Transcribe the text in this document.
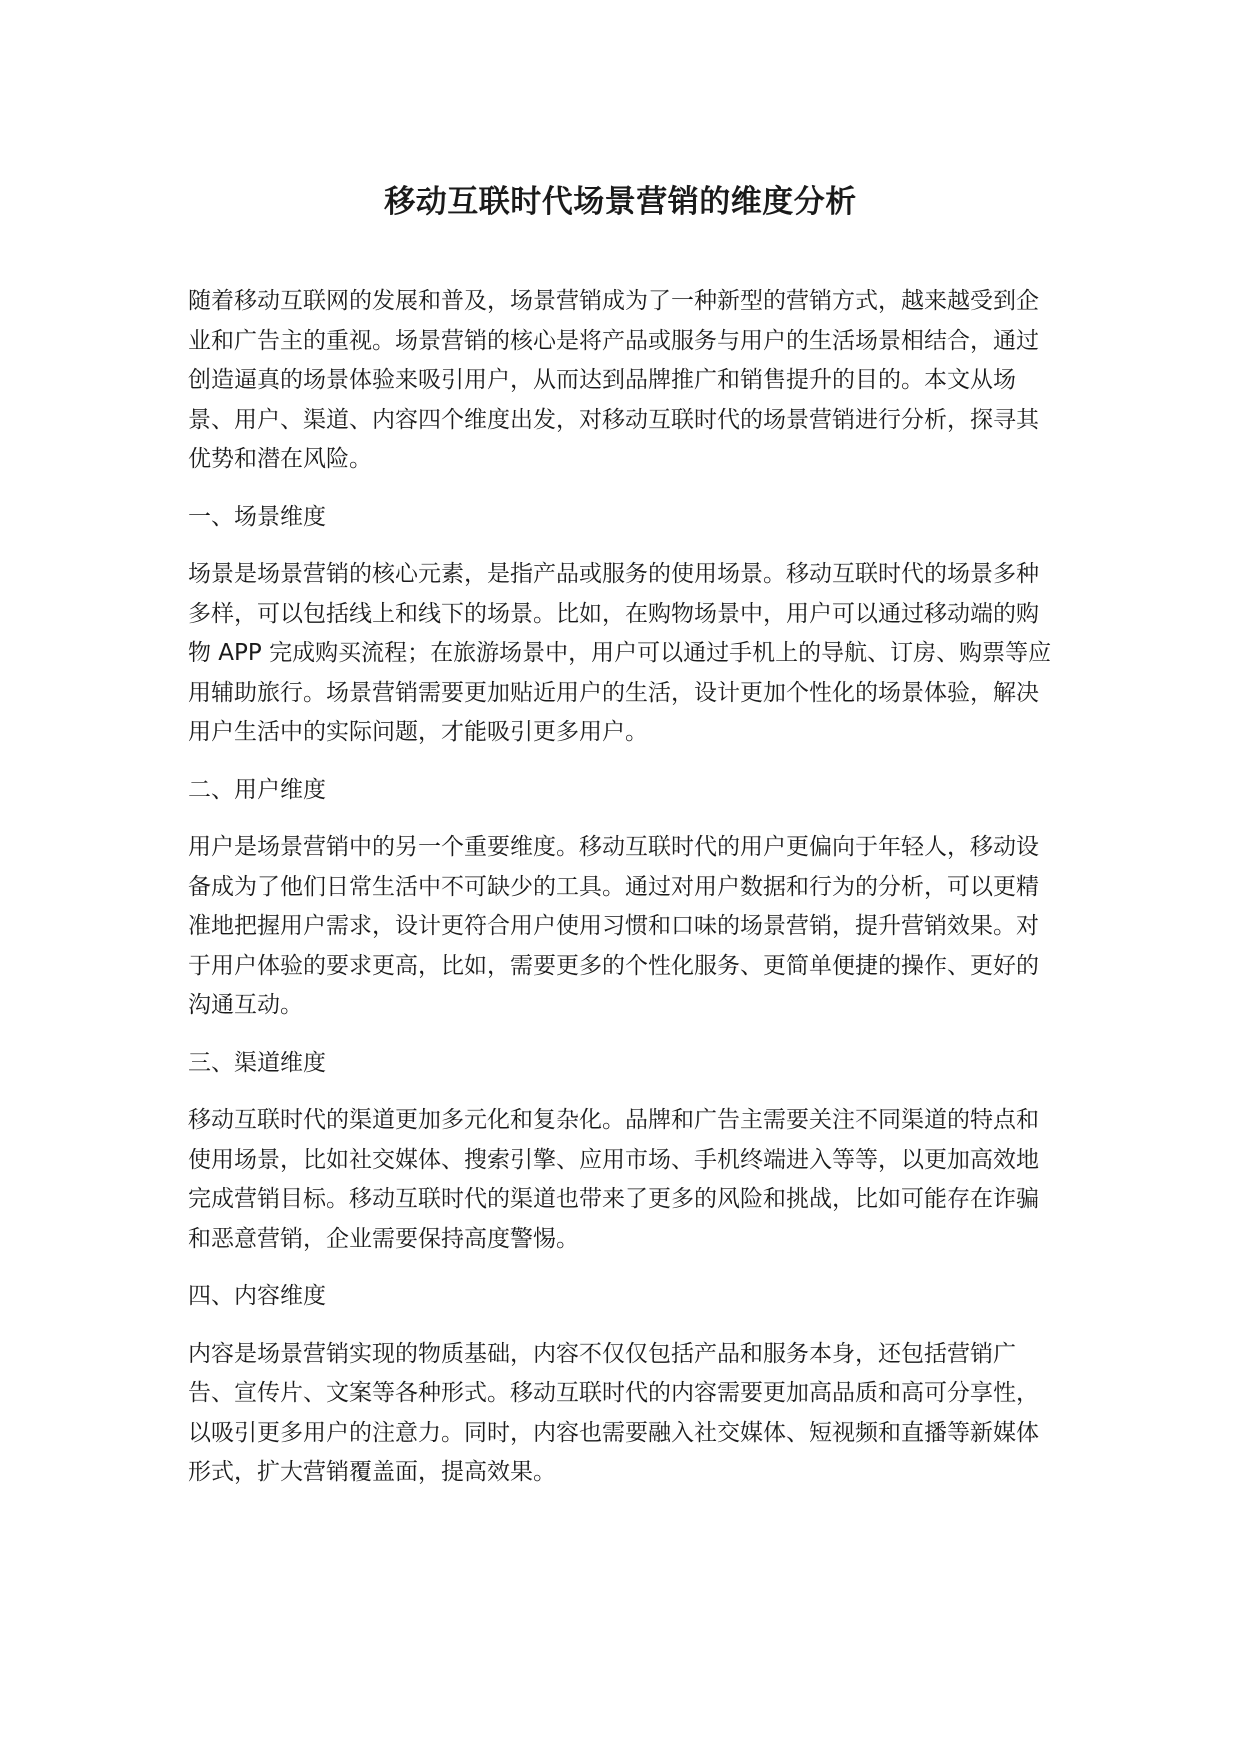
移动互联时代场景营销的维度分析

随着移动互联网的发展和普及，场景营销成为了一种新型的营销方式，越来越受到企业和广告主的重视。场景营销的核心是将产品或服务与用户的生活场景相结合，通过创造逼真的场景体验来吸引用户，从而达到品牌推广和销售提升的目的。本文从场景、用户、渠道、内容四个维度出发，对移动互联时代的场景营销进行分析，探寻其优势和潜在风险。

一、场景维度

场景是场景营销的核心元素，是指产品或服务的使用场景。移动互联时代的场景多种多样，可以包括线上和线下的场景。比如，在购物场景中，用户可以通过移动端的购物 APP 完成购买流程；在旅游场景中，用户可以通过手机上的导航、订房、购票等应用辅助旅行。场景营销需要更加贴近用户的生活，设计更加个性化的场景体验，解决用户生活中的实际问题，才能吸引更多用户。

二、用户维度

用户是场景营销中的另一个重要维度。移动互联时代的用户更偏向于年轻人，移动设备成为了他们日常生活中不可缺少的工具。通过对用户数据和行为的分析，可以更精准地把握用户需求，设计更符合用户使用习惯和口味的场景营销，提升营销效果。对于用户体验的要求更高，比如，需要更多的个性化服务、更简单便捷的操作、更好的沟通互动。

三、渠道维度

移动互联时代的渠道更加多元化和复杂化。品牌和广告主需要关注不同渠道的特点和使用场景，比如社交媒体、搜索引擎、应用市场、手机终端进入等等，以更加高效地完成营销目标。移动互联时代的渠道也带来了更多的风险和挑战，比如可能存在诈骗和恶意营销，企业需要保持高度警惕。

四、内容维度

内容是场景营销实现的物质基础，内容不仅仅包括产品和服务本身，还包括营销广告、宣传片、文案等各种形式。移动互联时代的内容需要更加高品质和高可分享性，以吸引更多用户的注意力。同时，内容也需要融入社交媒体、短视频和直播等新媒体形式，扩大营销覆盖面，提高效果。
